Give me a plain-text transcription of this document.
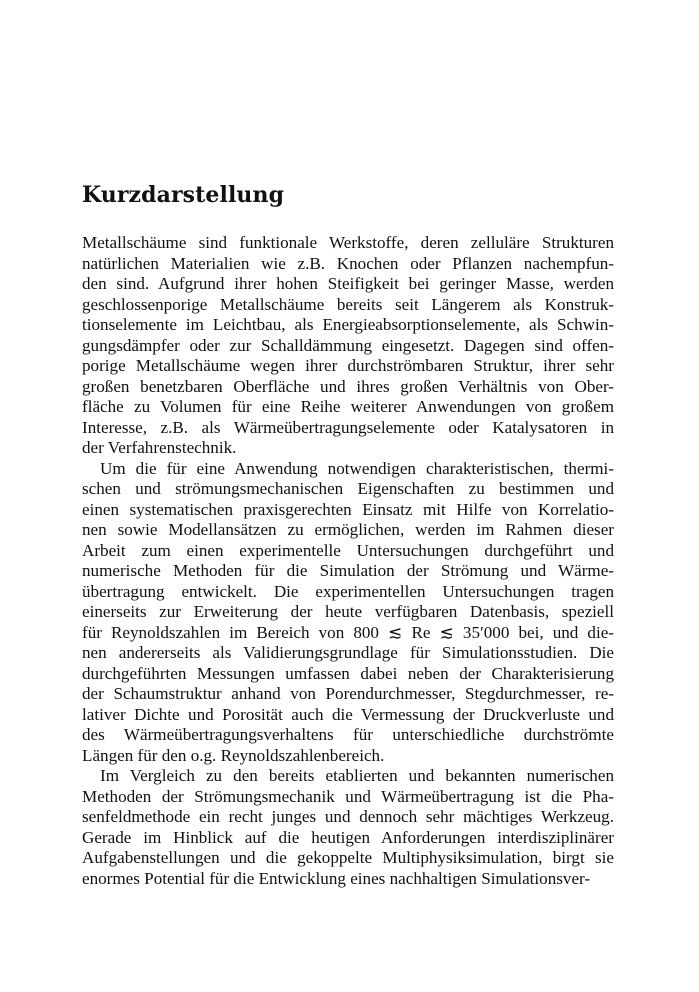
Kurzdarstellung
Metallschäume sind funktionale Werkstoffe, deren zelluläre Strukturen
natürlichen Materialien wie z.B. Knochen oder Pflanzen nachempfun-
den sind. Aufgrund ihrer hohen Steifigkeit bei geringer Masse, werden
geschlossenporige Metallschäume bereits seit Längerem als Konstruk-
tionselemente im Leichtbau, als Energieabsorptionselemente, als Schwin-
gungsdämpfer oder zur Schalldämmung eingesetzt. Dagegen sind offen-
porige Metallschäume wegen ihrer durchströmbaren Struktur, ihrer sehr
großen benetzbaren Oberfläche und ihres großen Verhältnis von Ober-
fläche zu Volumen für eine Reihe weiterer Anwendungen von großem
Interesse, z.B. als Wärmeübertragungselemente oder Katalysatoren in
der Verfahrenstechnik.
Um die für eine Anwendung notwendigen charakteristischen, thermi-
schen und strömungsmechanischen Eigenschaften zu bestimmen und
einen systematischen praxisgerechten Einsatz mit Hilfe von Korrelatio-
nen sowie Modellansätzen zu ermöglichen, werden im Rahmen dieser
Arbeit zum einen experimentelle Untersuchungen durchgeführt und
numerische Methoden für die Simulation der Strömung und Wärme-
übertragung entwickelt. Die experimentellen Untersuchungen tragen
einerseits zur Erweiterung der heute verfügbaren Datenbasis, speziell
für Reynoldszahlen im Bereich von 800 ≲ Re ≲ 35′000 bei, und die-
nen andererseits als Validierungsgrundlage für Simulationsstudien. Die
durchgeführten Messungen umfassen dabei neben der Charakterisierung
der Schaumstruktur anhand von Porendurchmesser, Stegdurchmesser, re-
lativer Dichte und Porosität auch die Vermessung der Druckverluste und
des Wärmeübertragungsverhaltens für unterschiedliche durchströmte
Längen für den o.g. Reynoldszahlenbereich.
Im Vergleich zu den bereits etablierten und bekannten numerischen
Methoden der Strömungsmechanik und Wärmeübertragung ist die Pha-
senfeldmethode ein recht junges und dennoch sehr mächtiges Werkzeug.
Gerade im Hinblick auf die heutigen Anforderungen interdisziplinärer
Aufgabenstellungen und die gekoppelte Multiphysiksimulation, birgt sie
enormes Potential für die Entwicklung eines nachhaltigen Simulationsver-
